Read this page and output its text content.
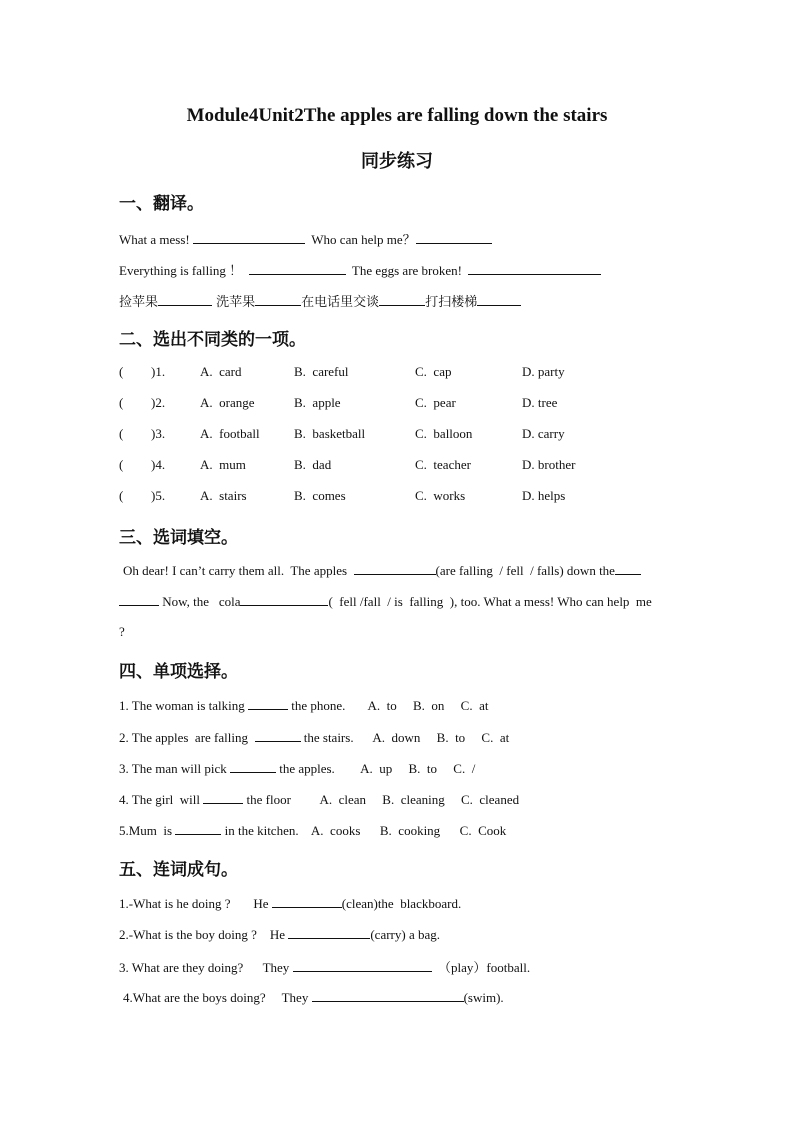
Module4Unit2The apples are falling down the stairs
同步练习
一、翻译。
What a mess!	Who can help me？
Everything is falling ！	The eggs are broken!
捡苹果	洗苹果	在电话里交谈	打扫楼梯
二、选出不同类的一项。
( )1.	A.  card	B.  careful	C.  cap	D. party
( )2.	A.  orange	B.  apple	C.  pear	D. tree
( )3.	A.  football	B.  basketball	C.  balloon	D. carry
( )4.	A.  mum	B.  dad	C.  teacher	D. brother
( )5.	A.  stairs	B.  comes	C.  works	D. helps
三、选词填空。
Oh dear! I can’t carry them all.  The apples	(are falling  / fell  / falls) down the
Now, the   cola	(  fell /fall  / is  falling  ), too. What a mess! Who can help  me
?
四、单项选择。
1. The woman is talking	the phone. A.  to     B.  on     C.  at
2. The apples  are falling	the stairs. A.  down     B.  to     C.  at
3. The man will pick	the apples. A.  up     B.  to     C.  /
4. The girl  will	the floor A.  clean     B.  cleaning     C.  cleaned
5.Mum  is	in the kitchen. A.  cooks      B.  cooking      C.  Cook
五、连词成句。
1.-What is he doing ? He	(clean)the  blackboard.
2.-What is the boy doing ? He	(carry) a bag.
3. What are they doing? They	（play）football.
4.What are the boys doing? They	(swim).
